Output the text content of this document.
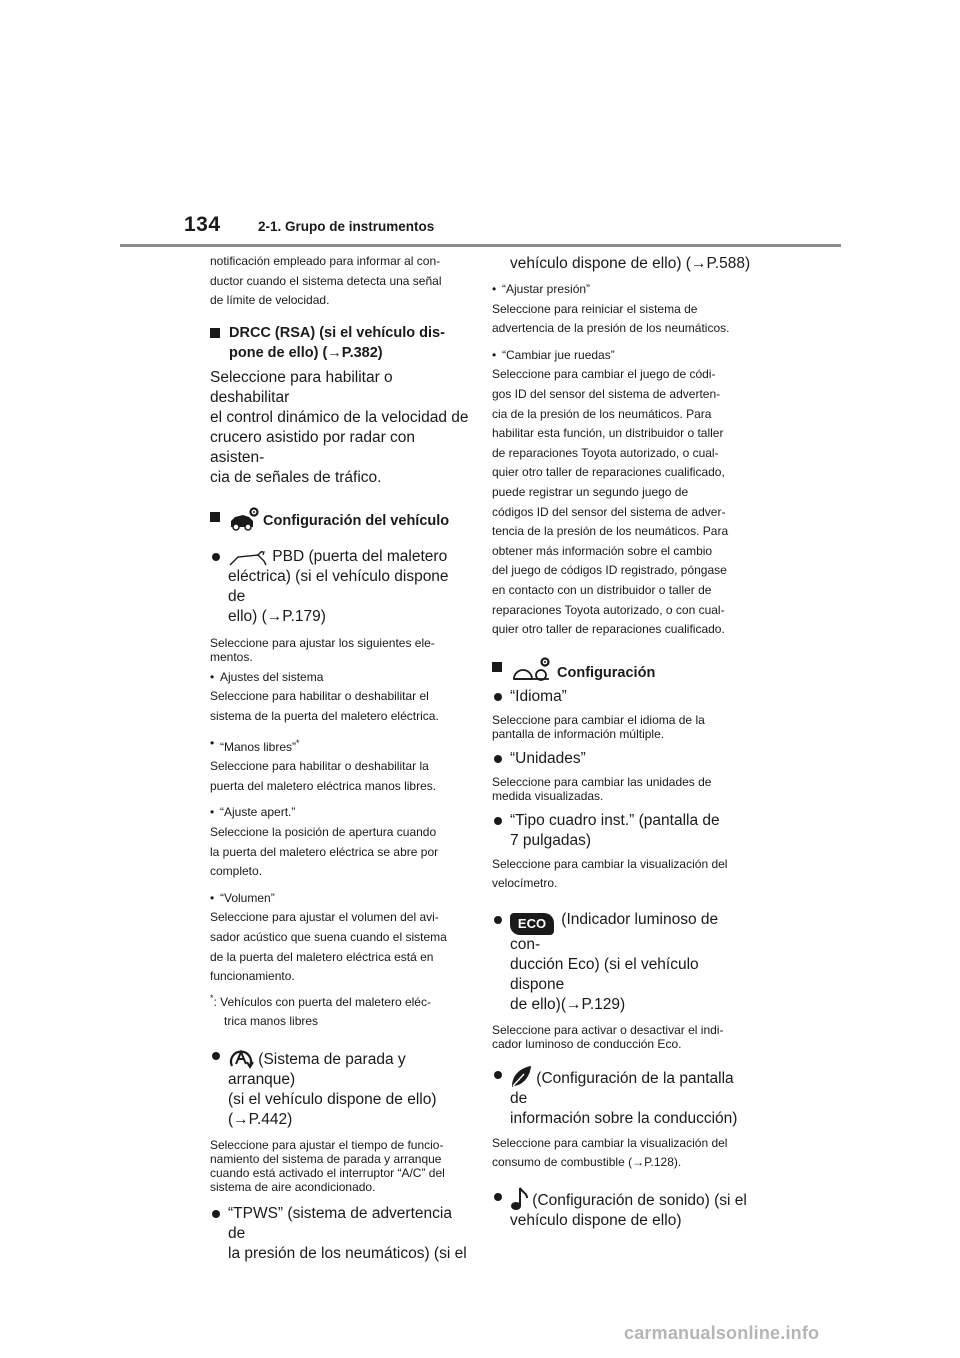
134	2-1. Grupo de instrumentos

notificación empleado para informar al con-

ductor cuando el sistema detecta una señal

de límite de velocidad.

DRCC (RSA) (si el vehículo dis-
pone de ello) (→P.382)

Seleccione para habilitar o deshabilitar

el control dinámico de la velocidad de

crucero asistido por radar con asisten-

cia de señales de tráfico.

Configuración del vehículo
PBD (puerta del maletero
eléctrica) (si el vehículo dispone de
ello) (→P.179)

Seleccione para ajustar los siguientes ele-

mentos.

• Ajustes del sistema

Seleccione para habilitar o deshabilitar el

sistema de la puerta del maletero eléctrica.

• “Manos libres”*

Seleccione para habilitar o deshabilitar la

puerta del maletero eléctrica manos libres.

• “Ajuste apert.”

Seleccione la posición de apertura cuando

la puerta del maletero eléctrica se abre por

completo.

• “Volumen”

Seleccione para ajustar el volumen del avi-

sador acústico que suena cuando el sistema

de la puerta del maletero eléctrica está en

funcionamiento.

*: Vehículos con puerta del maletero eléc-

trica manos libres

(Sistema de parada y arranque)
(si el vehículo dispone de ello)
(→P.442)

Seleccione para ajustar el tiempo de funcio-

namiento del sistema de parada y arranque

cuando está activado el interruptor “A/C” del

sistema de aire acondicionado.

“TPWS” (sistema de advertencia de
la presión de los neumáticos) (si el

vehículo dispone de ello) (→P.588)

• “Ajustar presión”

Seleccione para reiniciar el sistema de

advertencia de la presión de los neumáticos.

• “Cambiar jue ruedas”

Seleccione para cambiar el juego de códi-

gos ID del sensor del sistema de adverten-

cia de la presión de los neumáticos. Para

habilitar esta función, un distribuidor o taller

de reparaciones Toyota autorizado, o cual-

quier otro taller de reparaciones cualificado,

puede registrar un segundo juego de

códigos ID del sensor del sistema de adver-

tencia de la presión de los neumáticos. Para

obtener más información sobre el cambio

del juego de códigos ID registrado, póngase

en contacto con un distribuidor o taller de

reparaciones Toyota autorizado, o con cual-

quier otro taller de reparaciones cualificado.

Configuración
“Idioma”

Seleccione para cambiar el idioma de la

pantalla de información múltiple.

“Unidades”

Seleccione para cambiar las unidades de

medida visualizadas.

“Tipo cuadro inst.” (pantalla de
7 pulgadas)

Seleccione para cambiar la visualización del

velocímetro.

ECO (Indicador luminoso de con-
ducción Eco) (si el vehículo dispone
de ello)(→P.129)

Seleccione para activar o desactivar el indi-

cador luminoso de conducción Eco.

(Configuración de la pantalla de
información sobre la conducción)

Seleccione para cambiar la visualización del

consumo de combustible (→P.128).

(Configuración de sonido) (si el
vehículo dispone de ello)
carmanualsonline.info
